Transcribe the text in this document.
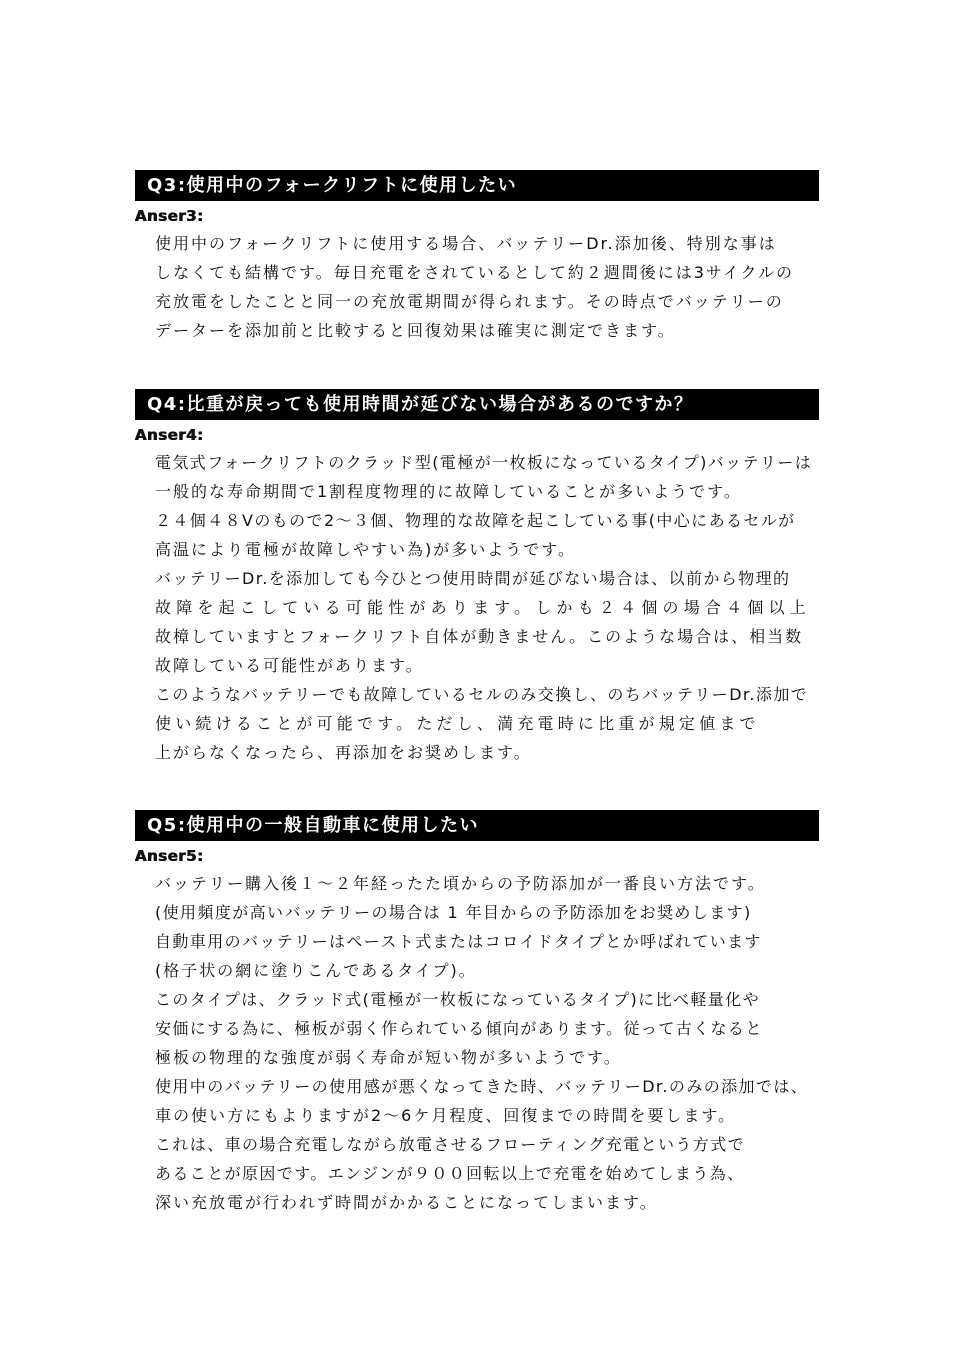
Q3:使用中のフォークリフトに使用したい
Anser3:
使用中のフォークリフトに使用する場合、バッテリーDr.添加後、特別な事は
しなくても結構です。毎日充電をされているとして約２週間後には3サイクルの
充放電をしたことと同一の充放電期間が得られます。その時点でバッテリーの
データーを添加前と比較すると回復効果は確実に測定できます。
Q4:比重が戻っても使用時間が延びない場合があるのですか？
Anser4:
電気式フォークリフトのクラッド型(電極が一枚板になっているタイプ)バッテリーは
一般的な寿命期間で1割程度物理的に故障していることが多いようです。
２４個４８Vのもので2～３個、物理的な故障を起こしている事(中心にあるセルが
高温により電極が故障しやすい為)が多いようです。
バッテリーDr.を添加しても今ひとつ使用時間が延びない場合は、以前から物理的
故障を起こしている可能性があります。しかも２４個の場合４個以上
故樟していますとフォークリフト自体が動きません。このような場合は、相当数
故障している可能性があります。
このようなバッテリーでも故障しているセルのみ交換し、のちバッテリーDr.添加で
使い続けることが可能です。ただし、満充電時に比重が規定値まで
上がらなくなったら、再添加をお奨めします。
Q5:使用中の一般自動車に使用したい
Anser5:
バッテリー購入後１～２年経ったた頃からの予防添加が一番良い方法です。
(使用頻度が高いバッテリーの場合は 1 年目からの予防添加をお奨めします)
自動車用のバッテリーはペースト式またはコロイドタイプとか呼ばれています
(格子状の網に塗りこんであるタイプ)。
このタイプは、クラッド式(電極が一枚板になっているタイプ)に比べ軽量化や
安価にする為に、極板が弱く作られている傾向があります。従って古くなると
極板の物理的な強度が弱く寿命が短い物が多いようです。
使用中のバッテリーの使用感が悪くなってきた時、バッテリーDr.のみの添加では、
車の使い方にもよりますが2～6ケ月程度、回復までの時間を要します。
これは、車の場合充電しながら放電させるフローティング充電という方式で
あることが原因です。エンジンが９００回転以上で充電を始めてしまう為、
深い充放電が行われず時間がかかることになってしまいます。
